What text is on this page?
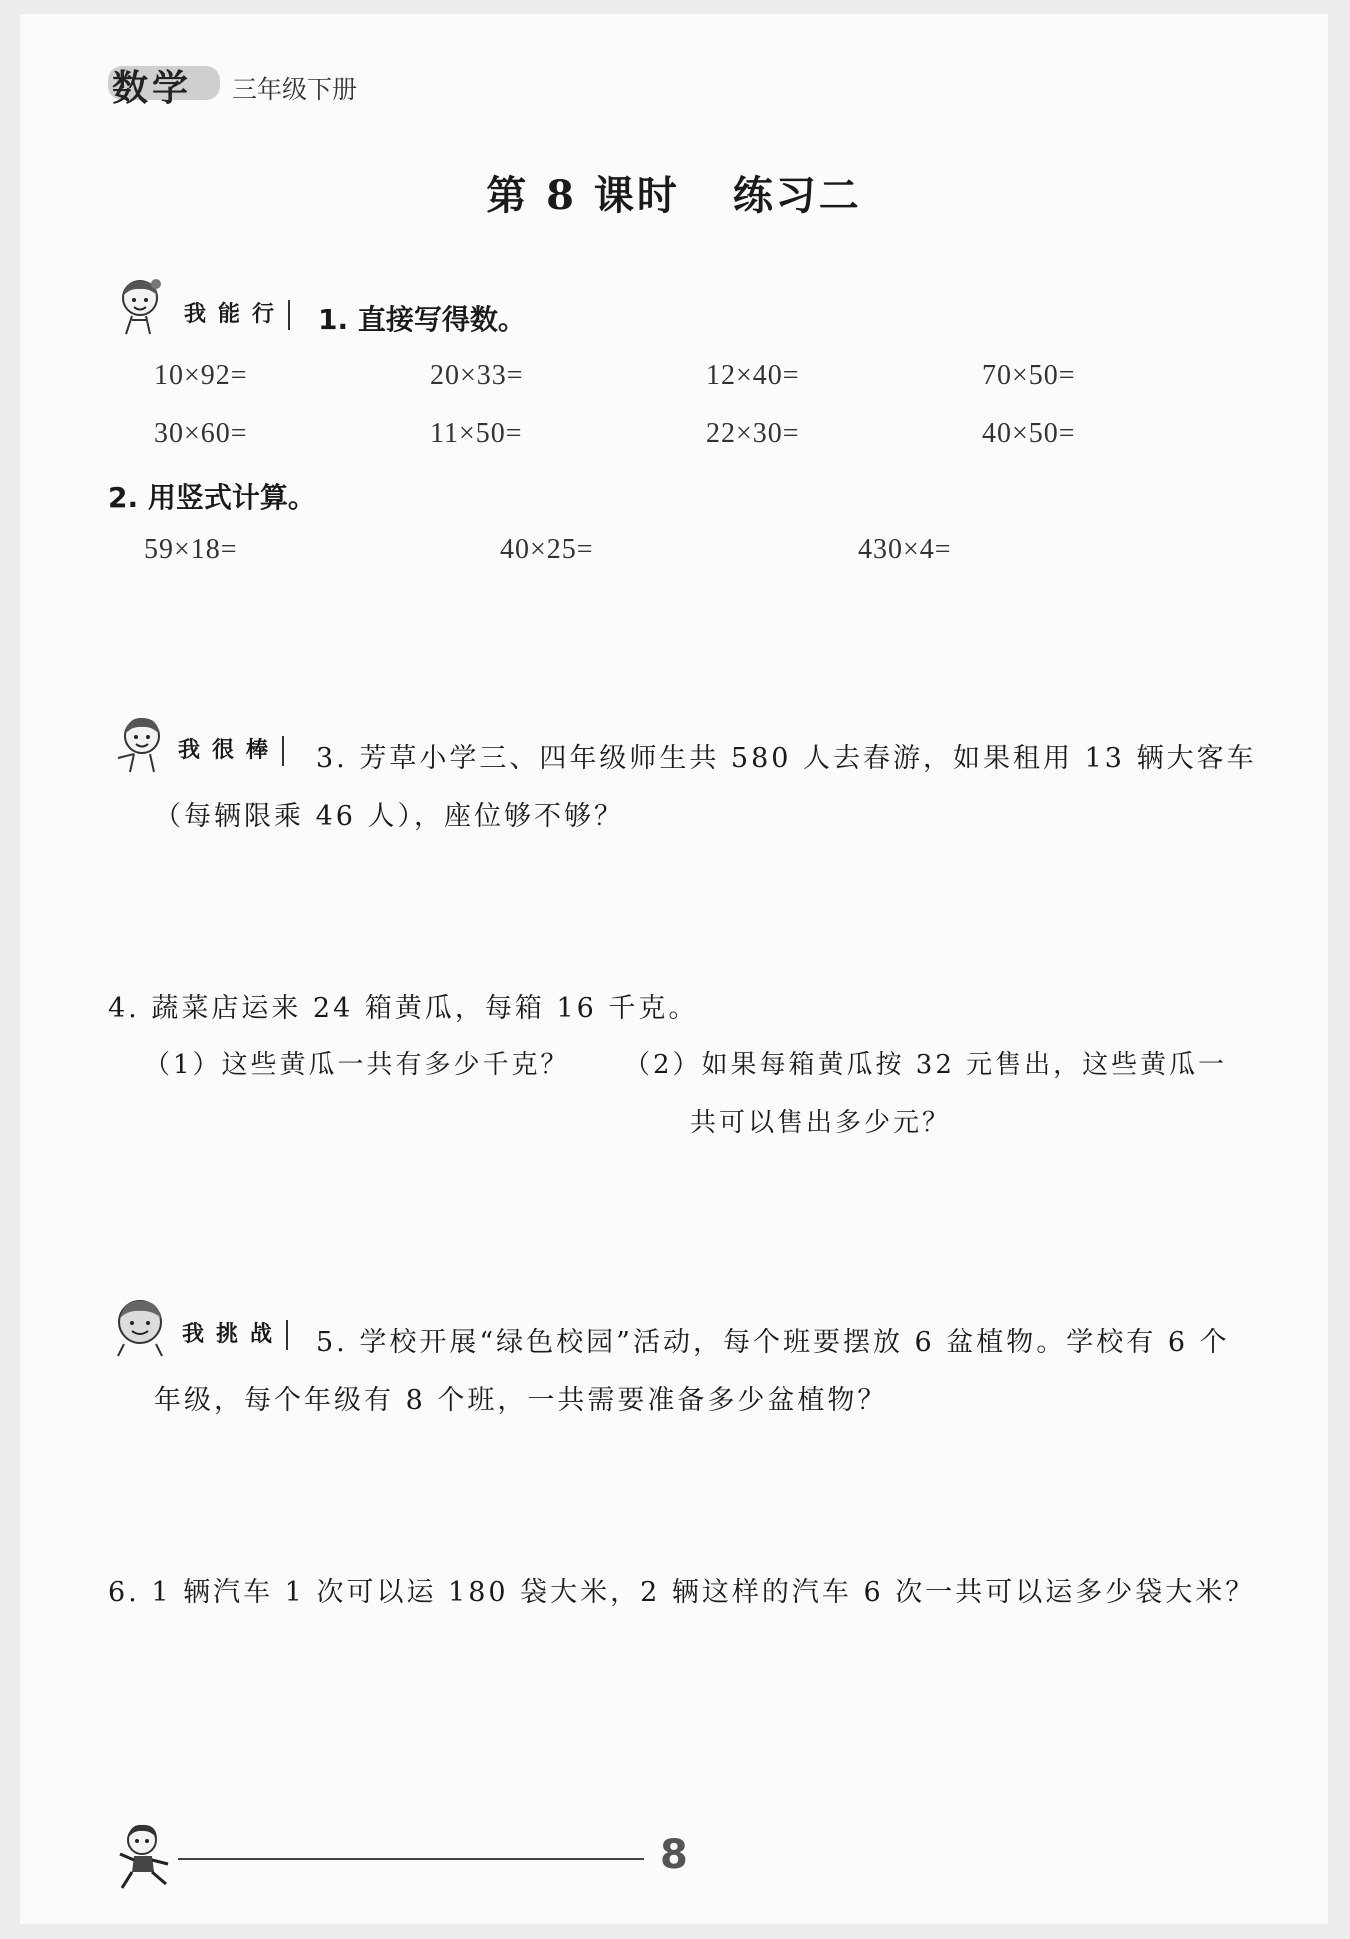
数学 三年级下册
第 8 课时 练习二
我能行 1. 直接写得数。
10×92=	20×33=	12×40=	70×50=
30×60=	11×50=	22×30=	40×50=
2. 用竖式计算。
59×18=	40×25=	430×4=
我很棒 3. 芳草小学三、四年级师生共 580 人去春游，如果租用 13 辆大客车
（每辆限乘 46 人），座位够不够？
4. 蔬菜店运来 24 箱黄瓜，每箱 16 千克。
（1）这些黄瓜一共有多少千克？ （2）如果每箱黄瓜按 32 元售出，这些黄瓜一
共可以售出多少元？
我挑战 5. 学校开展“绿色校园”活动，每个班要摆放 6 盆植物。学校有 6 个
年级，每个年级有 8 个班，一共需要准备多少盆植物？
6. 1 辆汽车 1 次可以运 180 袋大米，2 辆这样的汽车 6 次一共可以运多少袋大米？
8
